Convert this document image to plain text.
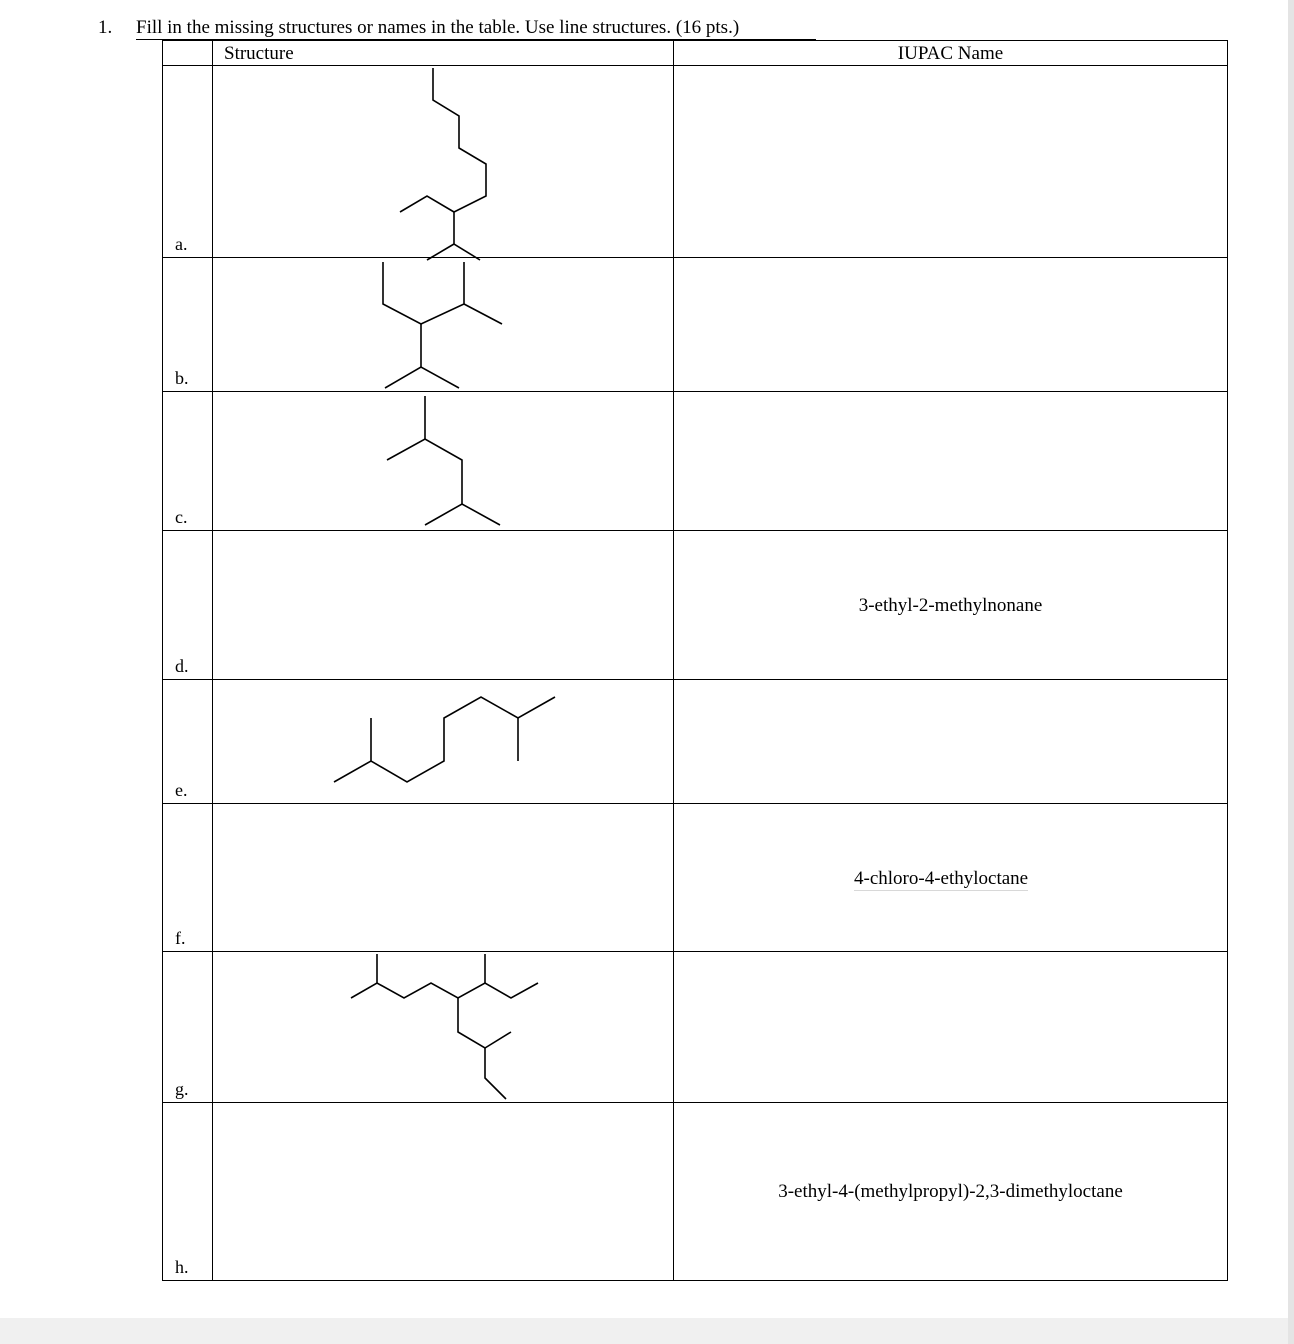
1. Fill in the missing structures or names in the table. Use line structures. (16 pts.)

	Structure	IUPAC Name

a.

b.

c.

d.		3-ethyl-2-methylnonane

e.

f.		4-chloro-4-ethyloctane

g.

h.		3-ethyl-4-(methylpropyl)-2,3-dimethyloctane
